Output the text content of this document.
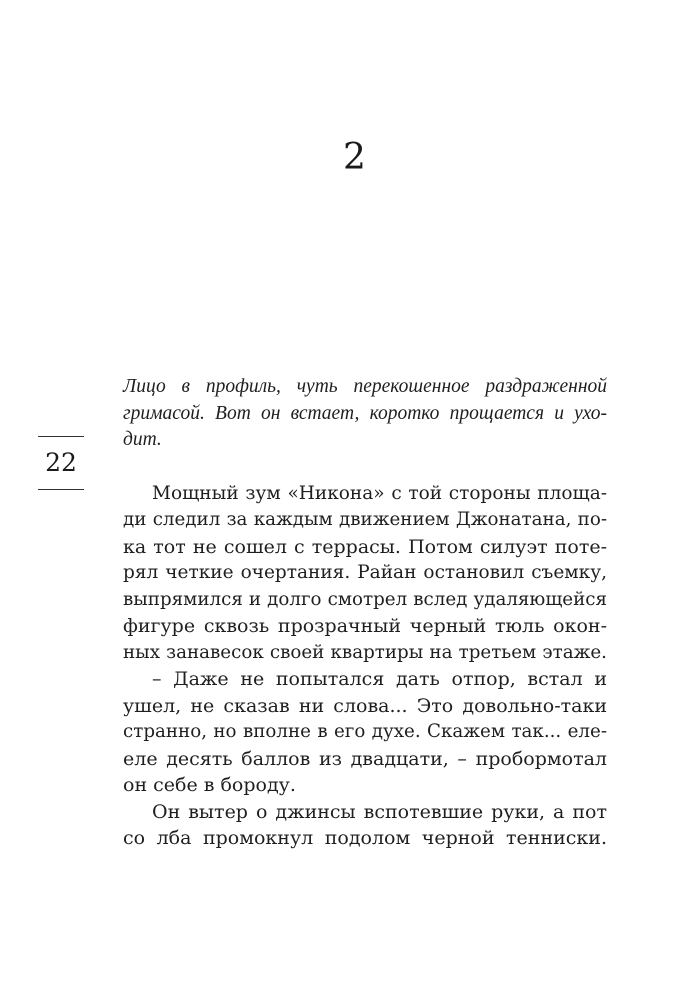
2
22
Лицо в профиль, чуть перекошенное раздраженной
гримасой. Вот он встает, коротко прощается и ухо-
дит.
Мощный зум «Никона» с той стороны площа-
ди следил за каждым движением Джонатана, по-
ка тот не сошел с террасы. Потом силуэт поте-
рял четкие очертания. Райан остановил съемку,
выпрямился и долго смотрел вслед удаляющейся
фигуре сквозь прозрачный черный тюль окон-
ных занавесок своей квартиры на третьем этаже.
– Даже не попытался дать отпор, встал и
ушел, не сказав ни слова... Это довольно-таки
странно, но вполне в его духе. Скажем так... еле-
еле десять баллов из двадцати, – пробормотал
он себе в бороду.
Он вытер о джинсы вспотевшие руки, а пот
со лба промокнул подолом черной тенниски.
